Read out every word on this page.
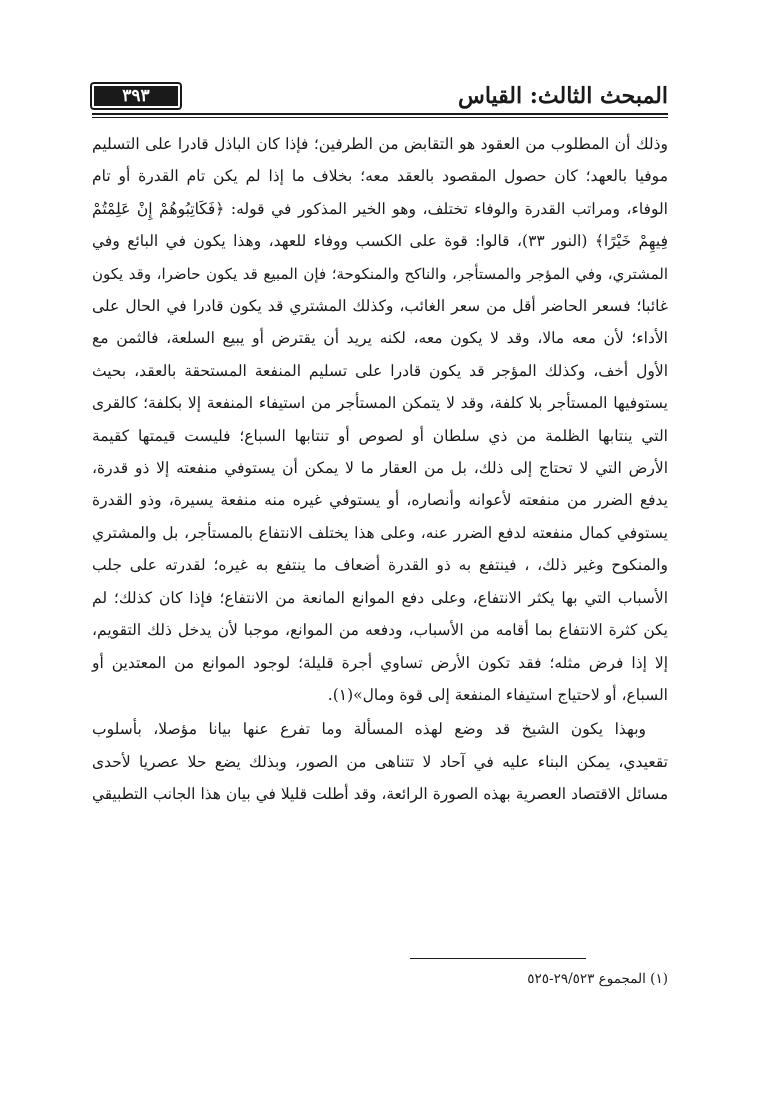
المبحث الثالث: القياس
٣٩٣

وذلك أن المطلوب من العقود هو التقابض من الطرفين؛ فإذا كان الباذل قادرا على التسليم
موفيا بالعهد؛ كان حصول المقصود بالعقد معه؛ بخلاف ما إذا لم يكن تام القدرة أو تام
الوفاء، ومراتب القدرة والوفاء تختلف، وهو الخير المذكور في قوله: ﴿فَكَاتِبُوهُمْ إِنْ عَلِمْتُمْ
فِيهِمْ خَيْرًا﴾ (النور ٣٣)، قالوا: قوة على الكسب ووفاء للعهد، وهذا يكون في البائع وفي
المشتري، وفي المؤجر والمستأجر، والناكح والمنكوحة؛ فإن المبيع قد يكون حاضرا، وقد يكون
غائبا؛ فسعر الحاضر أقل من سعر الغائب، وكذلك المشتري قد يكون قادرا في الحال على
الأداء؛ لأن معه مالا، وقد لا يكون معه، لكنه يريد أن يقترض أو يبيع السلعة، فالثمن مع
الأول أخف، وكذلك المؤجر قد يكون قادرا على تسليم المنفعة المستحقة بالعقد، بحيث
يستوفيها المستأجر بلا كلفة، وقد لا يتمكن المستأجر من استيفاء المنفعة إلا بكلفة؛ كالقرى
التي ينتابها الظلمة من ذي سلطان أو لصوص أو تنتابها السباع؛ فليست قيمتها كقيمة
الأرض التي لا تحتاج إلى ذلك، بل من العقار ما لا يمكن أن يستوفي منفعته إلا ذو قدرة،
يدفع الضرر من منفعته لأعوانه وأنصاره، أو يستوفي غيره منه منفعة يسيرة، وذو القدرة
يستوفي كمال منفعته لدفع الضرر عنه، وعلى هذا يختلف الانتفاع بالمستأجر، بل والمشتري
والمنكوح وغير ذلك، ، فينتفع به ذو القدرة أضعاف ما ينتفع به غيره؛ لقدرته على جلب
الأسباب التي بها يكثر الانتفاع، وعلى دفع الموانع المانعة من الانتفاع؛ فإذا كان كذلك؛ لم
يكن كثرة الانتفاع بما أقامه من الأسباب، ودفعه من الموانع، موجبا لأن يدخل ذلك التقويم،
إلا إذا فرض مثله؛ فقد تكون الأرض تساوي أجرة قليلة؛ لوجود الموانع من المعتدين أو
السباع، أو لاحتياج استيفاء المنفعة إلى قوة ومال»(١).

وبهذا يكون الشيخ قد وضع لهذه المسألة وما تفرع عنها بيانا مؤصلا، بأسلوب
تقعيدي، يمكن البناء عليه في آحاد لا تتناهى من الصور، وبذلك يضع حلا عصريا لأحدى
مسائل الاقتصاد العصرية بهذه الصورة الرائعة، وقد أطلت قليلا في بيان هذا الجانب التطبيقي

(١) المجموع ٢٩/٥٢٣-٥٢٥
